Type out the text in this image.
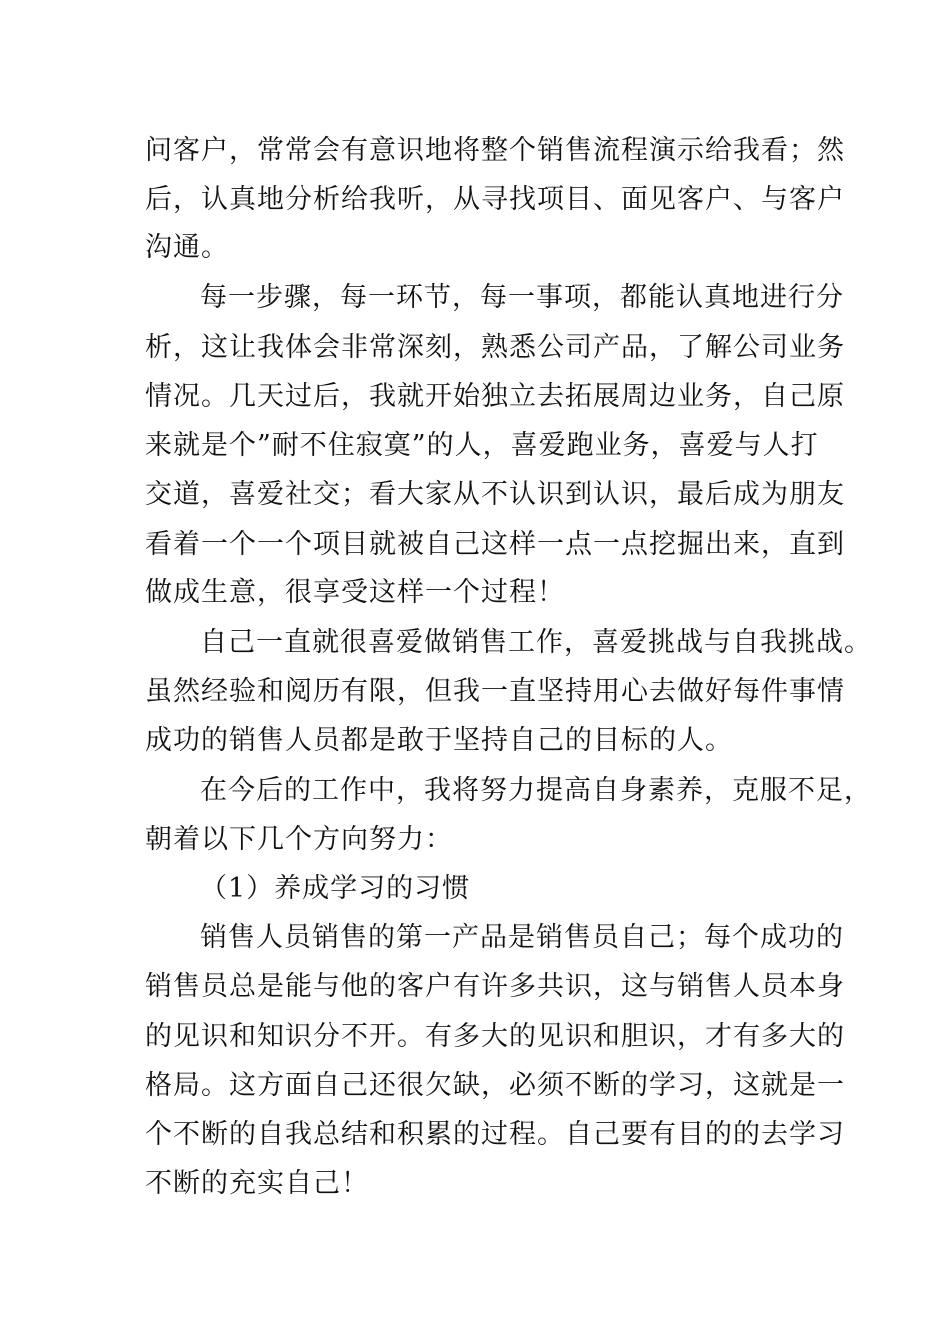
问客户，常常会有意识地将整个销售流程演示给我看；然
后，认真地分析给我听，从寻找项目、面见客户、与客户
沟通。
每一步骤，每一环节，每一事项，都能认真地进行分
析，这让我体会非常深刻，熟悉公司产品，了解公司业务
情况。几天过后，我就开始独立去拓展周边业务，自己原
来就是个”耐不住寂寞”的人，喜爱跑业务，喜爱与人打
交道，喜爱社交；看大家从不认识到认识，最后成为朋友
看着一个一个项目就被自己这样一点一点挖掘出来，直到
做成生意，很享受这样一个过程！
自己一直就很喜爱做销售工作，喜爱挑战与自我挑战。
虽然经验和阅历有限，但我一直坚持用心去做好每件事情
成功的销售人员都是敢于坚持自己的目标的人。
在今后的工作中，我将努力提高自身素养，克服不足，
朝着以下几个方向努力：
（1）养成学习的习惯
销售人员销售的第一产品是销售员自己；每个成功的
销售员总是能与他的客户有许多共识，这与销售人员本身
的见识和知识分不开。有多大的见识和胆识，才有多大的
格局。这方面自己还很欠缺，必须不断的学习，这就是一
个不断的自我总结和积累的过程。自己要有目的的去学习
不断的充实自己！
